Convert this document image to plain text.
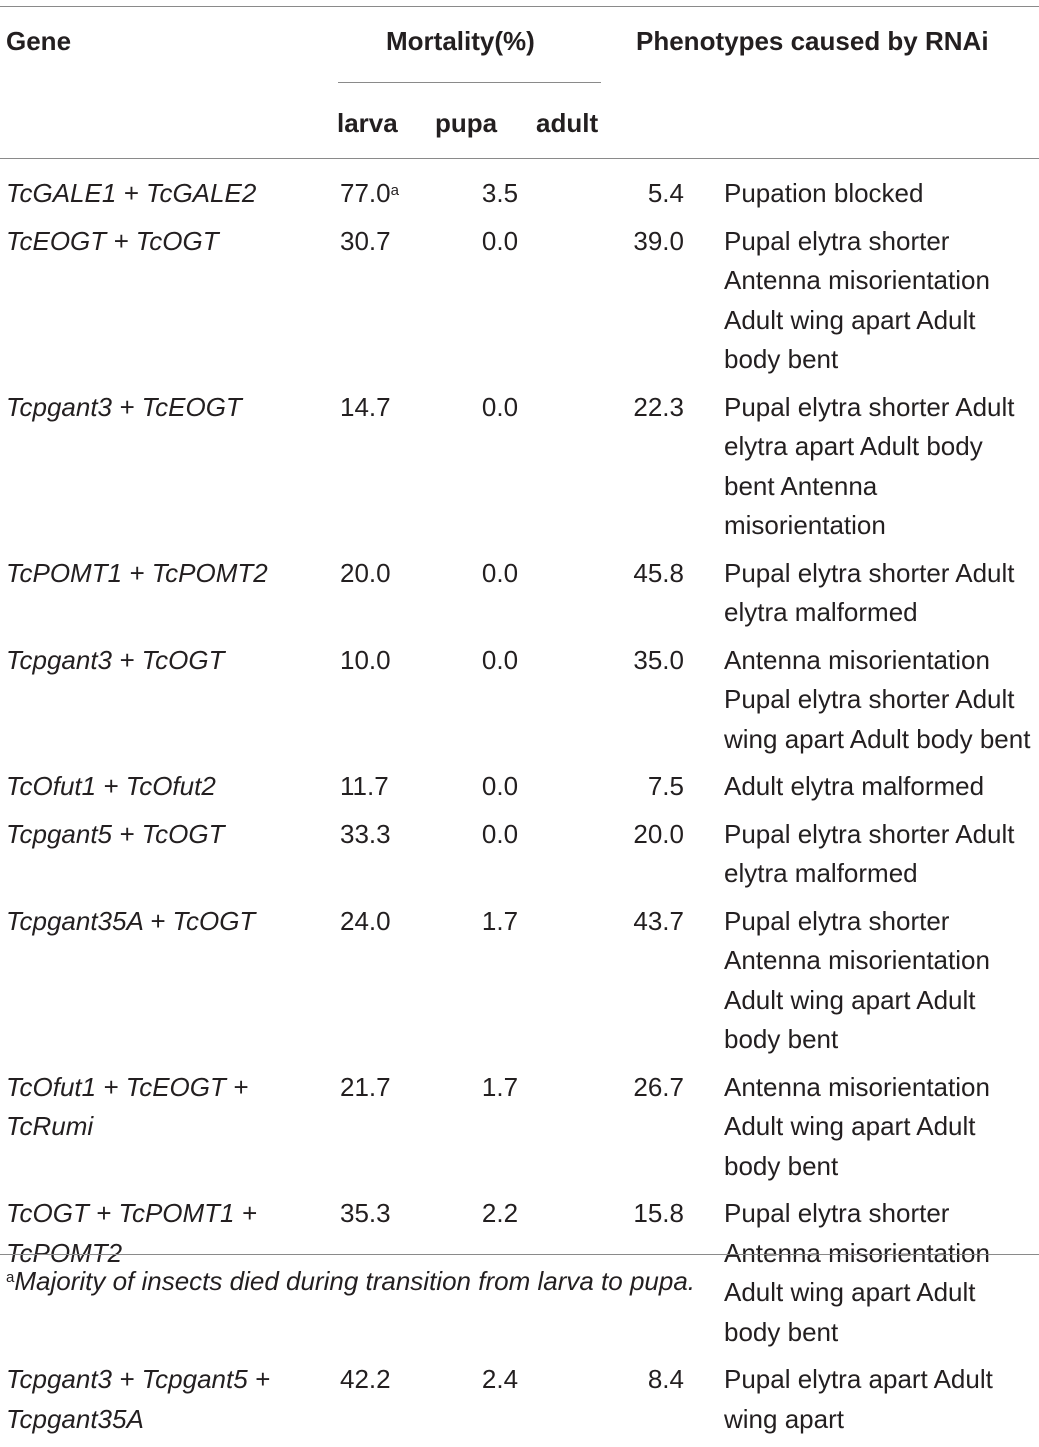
Gene	Mortality(%)	Phenotypes caused by RNAi
larva pupa adult
TcGALE1 + TcGALE2	77.0$^a$	3.5	5.4	Pupation blocked
TcEOGT + TcOGT	30.7	0.0	39.0	Pupal elytra shorter Antenna misorientation Adult wing apart Adult body bent
Tcpgant3 + TcEOGT	14.7	0.0	22.3	Pupal elytra shorter Adult elytra apart Adult body bent Antenna misorientation
TcPOMT1 + TcPOMT2	20.0	0.0	45.8	Pupal elytra shorter Adult elytra malformed
Tcpgant3 + TcOGT	10.0	0.0	35.0	Antenna misorientation Pupal elytra shorter Adult wing apart Adult body bent
TcOfut1 + TcOfut2	11.7	0.0	7.5	Adult elytra malformed
Tcpgant5 + TcOGT	33.3	0.0	20.0	Pupal elytra shorter Adult elytra malformed
Tcpgant35A + TcOGT	24.0	1.7	43.7	Pupal elytra shorter Antenna misorientation Adult wing apart Adult body bent
TcOfut1 + TcEOGT + TcRumi	21.7	1.7	26.7	Antenna misorientation Adult wing apart Adult body bent
TcOGT + TcPOMT1 + TcPOMT2	35.3	2.2	15.8	Pupal elytra shorter Antenna misorientation Adult wing apart Adult body bent
Tcpgant3 + Tcpgant5 + Tcpgant35A	42.2	2.4	8.4	Pupal elytra apart Adult wing apart
$^a$Majority of insects died during transition from larva to pupa.
